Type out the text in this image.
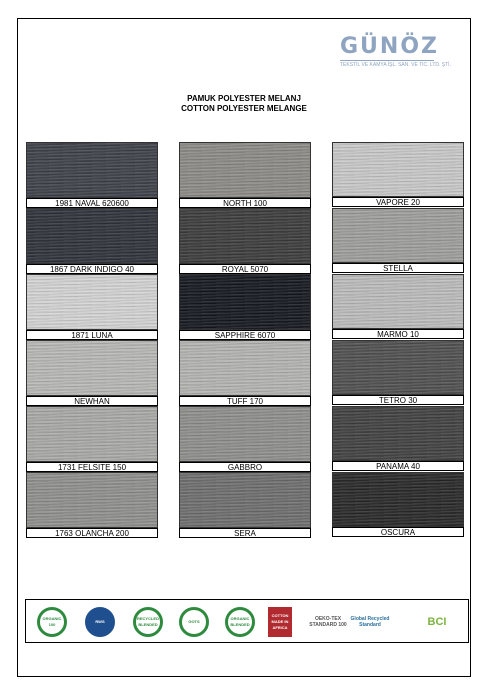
GÜNÖZ
TEKSTİL VE KAMYA İŞL. SAN. VE TİC. LTD. ŞTİ.
PAMUK POLYESTER MELANJ
COTTON POLYESTER MELANGE
1981 NAVAL 620600
1867 DARK INDIGO 40
1871 LUNA
NEWHAN
1731 FELSITE 150
1763 OLANCHA 200
NORTH 100
ROYAL 5070
SAPPHIRE 6070
TUFF 170
GABBRO
SERA
VAPORE 20
STELLA
MARMO 10
TETRO 30
PANAMA 40
OSCURA
ORGANIC 100
RWS
RECYCLED BLENDED
GOTS
ORGANIC BLENDED
COTTON MADE IN AFRICA
OEKO-TEX STANDARD 100
Global Recycled Standard	BCI
